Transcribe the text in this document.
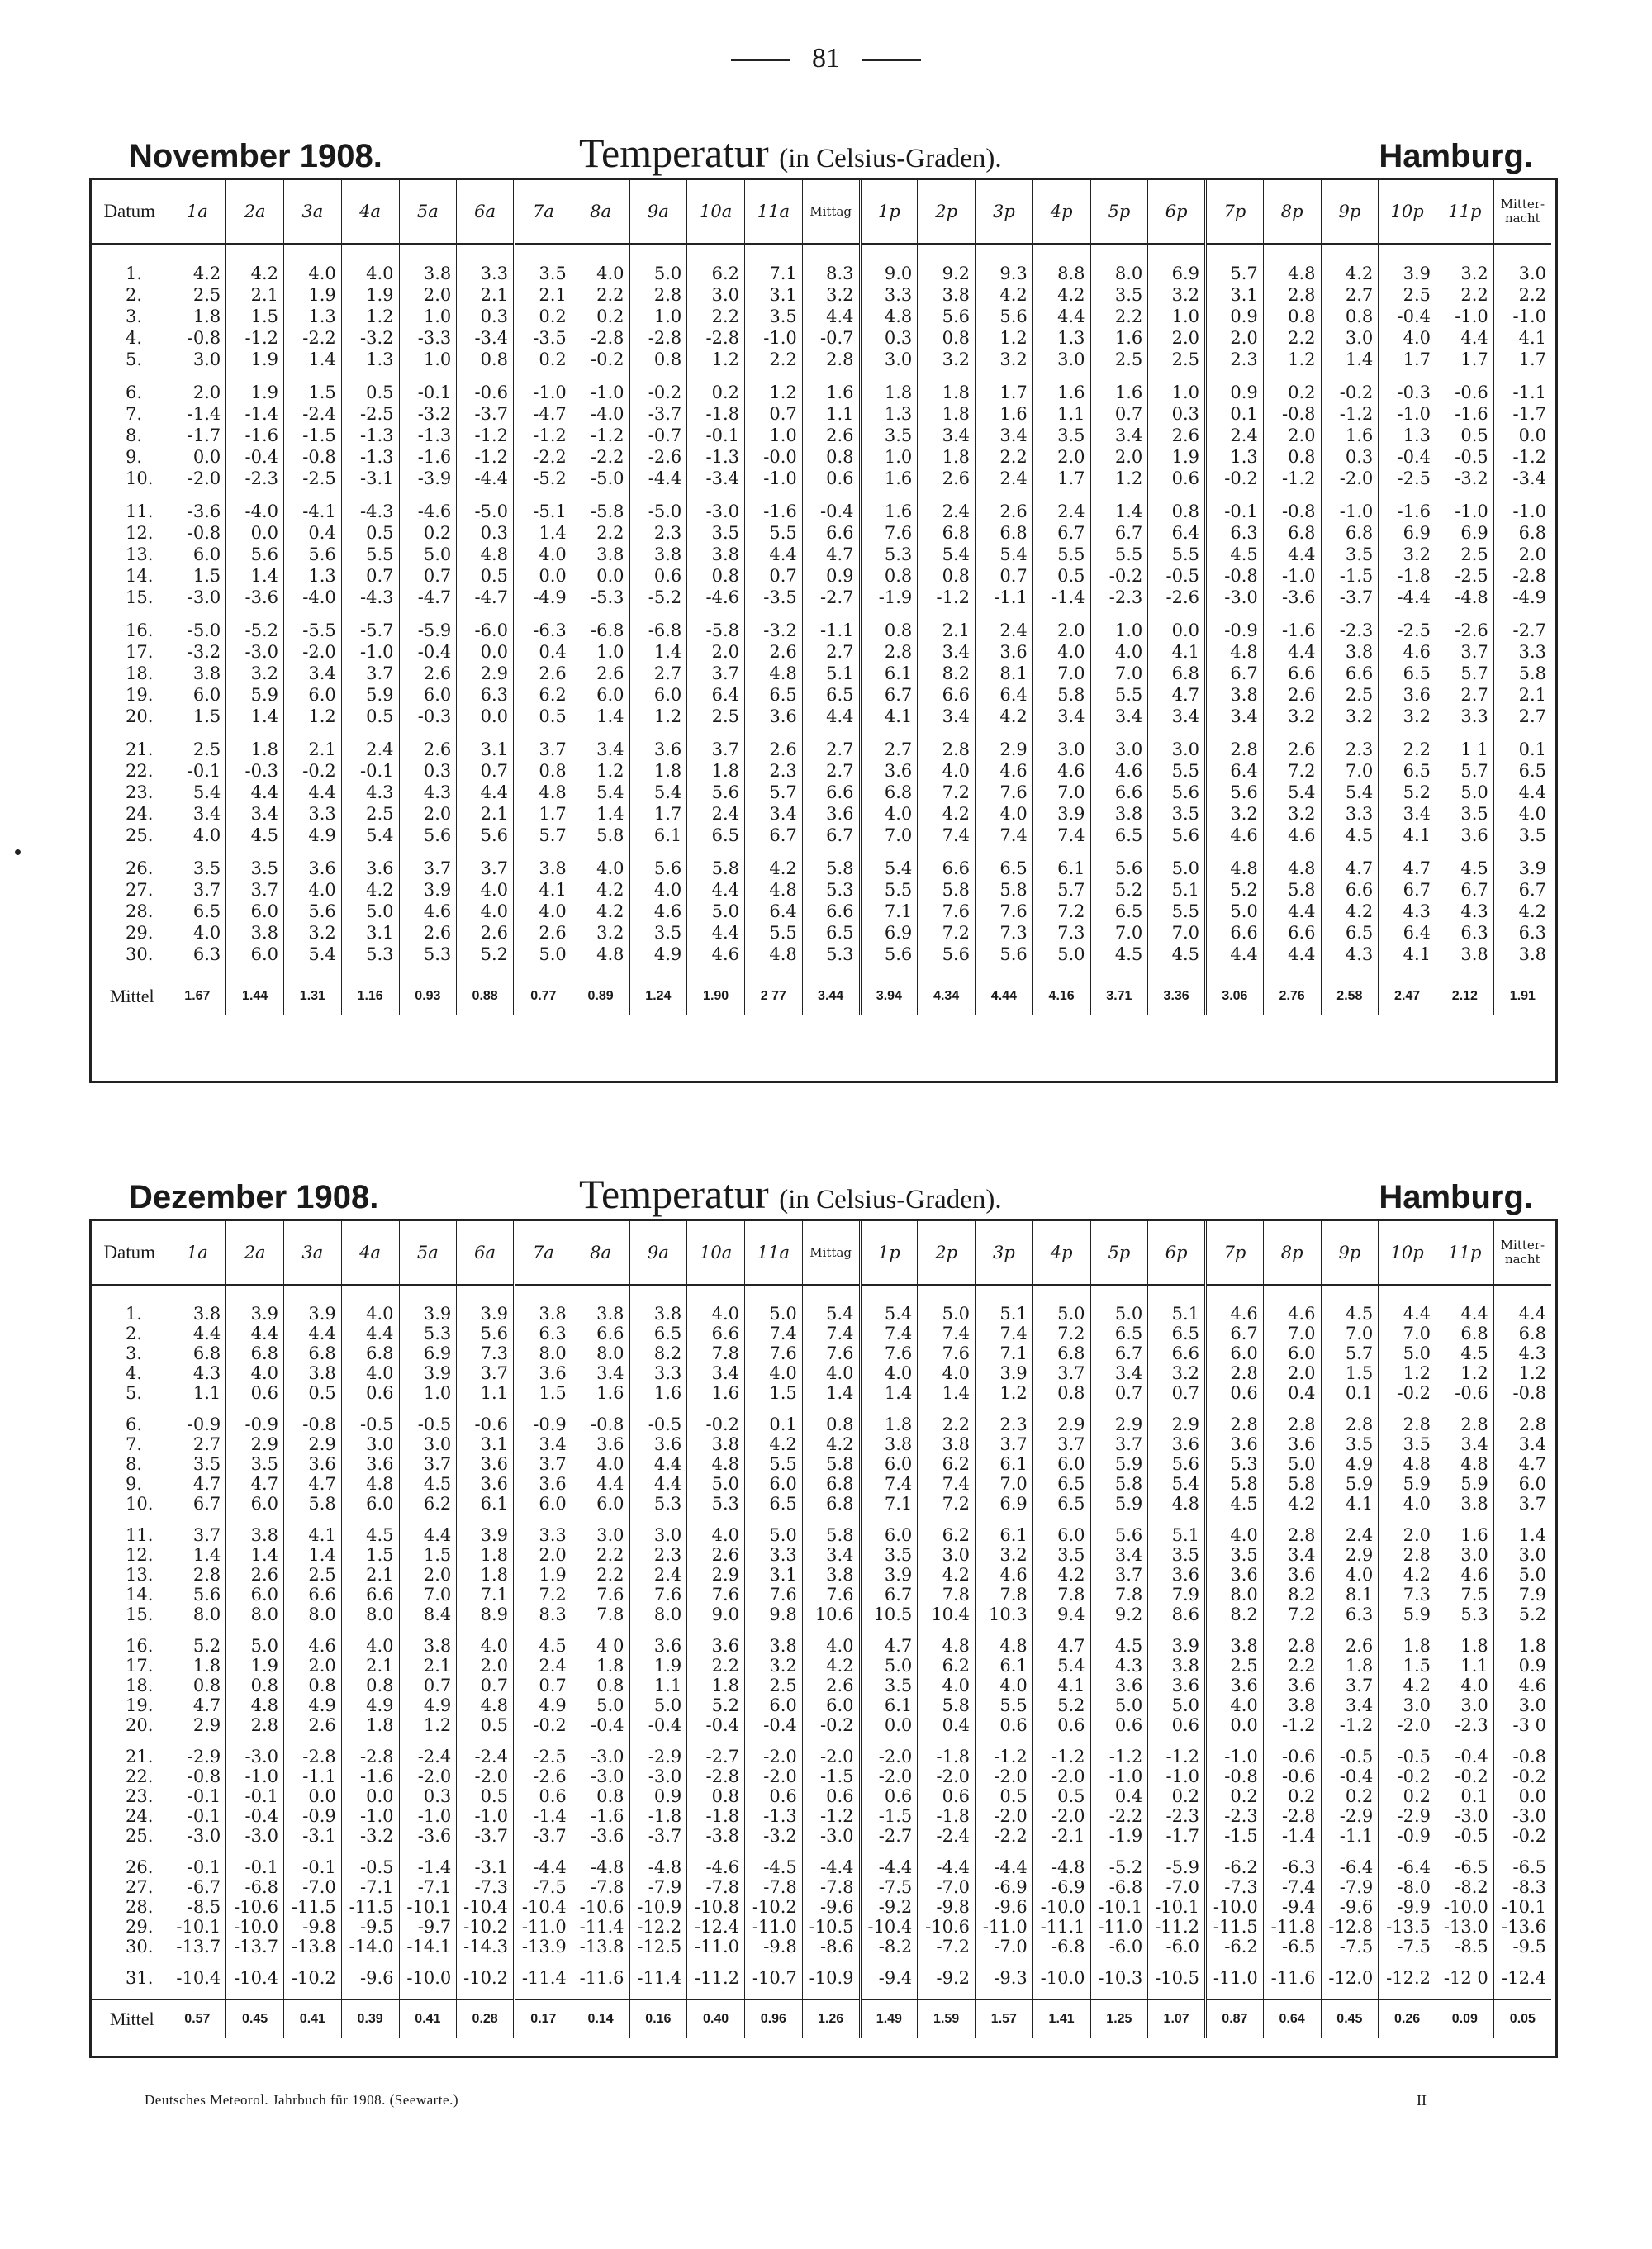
81
November 1908.	Temperatur (in Celsius-Graden).	Hamburg.
Datum	1a	2a	3a	4a	5a	6a	7a	8a	9a	10a	11a	Mittag	1p	2p	3p	4p	5p	6p	7p	8p	9p	10p	11p	Mitter- nacht

1.	4.2	4.2	4.0	4.0	3.8	3.3	3.5	4.0	5.0	6.2	7.1	8.3	9.0	9.2	9.3	8.8	8.0	6.9	5.7	4.8	4.2	3.9	3.2	3.0
2.	2.5	2.1	1.9	1.9	2.0	2.1	2.1	2.2	2.8	3.0	3.1	3.2	3.3	3.8	4.2	4.2	3.5	3.2	3.1	2.8	2.7	2.5	2.2	2.2
3.	1.8	1.5	1.3	1.2	1.0	0.3	0.2	0.2	1.0	2.2	3.5	4.4	4.8	5.6	5.6	4.4	2.2	1.0	0.9	0.8	0.8	-0.4	-1.0	-1.0
4.	-0.8	-1.2	-2.2	-3.2	-3.3	-3.4	-3.5	-2.8	-2.8	-2.8	-1.0	-0.7	0.3	0.8	1.2	1.3	1.6	2.0	2.0	2.2	3.0	4.0	4.4	4.1
5.	3.0	1.9	1.4	1.3	1.0	0.8	0.2	-0.2	0.8	1.2	2.2	2.8	3.0	3.2	3.2	3.0	2.5	2.5	2.3	1.2	1.4	1.7	1.7	1.7

6.	2.0	1.9	1.5	0.5	-0.1	-0.6	-1.0	-1.0	-0.2	0.2	1.2	1.6	1.8	1.8	1.7	1.6	1.6	1.0	0.9	0.2	-0.2	-0.3	-0.6	-1.1
7.	-1.4	-1.4	-2.4	-2.5	-3.2	-3.7	-4.7	-4.0	-3.7	-1.8	0.7	1.1	1.3	1.8	1.6	1.1	0.7	0.3	0.1	-0.8	-1.2	-1.0	-1.6	-1.7
8.	-1.7	-1.6	-1.5	-1.3	-1.3	-1.2	-1.2	-1.2	-0.7	-0.1	1.0	2.6	3.5	3.4	3.4	3.5	3.4	2.6	2.4	2.0	1.6	1.3	0.5	0.0
9.	0.0	-0.4	-0.8	-1.3	-1.6	-1.2	-2.2	-2.2	-2.6	-1.3	-0.0	0.8	1.0	1.8	2.2	2.0	2.0	1.9	1.3	0.8	0.3	-0.4	-0.5	-1.2
10.	-2.0	-2.3	-2.5	-3.1	-3.9	-4.4	-5.2	-5.0	-4.4	-3.4	-1.0	0.6	1.6	2.6	2.4	1.7	1.2	0.6	-0.2	-1.2	-2.0	-2.5	-3.2	-3.4

11.	-3.6	-4.0	-4.1	-4.3	-4.6	-5.0	-5.1	-5.8	-5.0	-3.0	-1.6	-0.4	1.6	2.4	2.6	2.4	1.4	0.8	-0.1	-0.8	-1.0	-1.6	-1.0	-1.0
12.	-0.8	0.0	0.4	0.5	0.2	0.3	1.4	2.2	2.3	3.5	5.5	6.6	7.6	6.8	6.8	6.7	6.7	6.4	6.3	6.8	6.8	6.9	6.9	6.8
13.	6.0	5.6	5.6	5.5	5.0	4.8	4.0	3.8	3.8	3.8	4.4	4.7	5.3	5.4	5.4	5.5	5.5	5.5	4.5	4.4	3.5	3.2	2.5	2.0
14.	1.5	1.4	1.3	0.7	0.7	0.5	0.0	0.0	0.6	0.8	0.7	0.9	0.8	0.8	0.7	0.5	-0.2	-0.5	-0.8	-1.0	-1.5	-1.8	-2.5	-2.8
15.	-3.0	-3.6	-4.0	-4.3	-4.7	-4.7	-4.9	-5.3	-5.2	-4.6	-3.5	-2.7	-1.9	-1.2	-1.1	-1.4	-2.3	-2.6	-3.0	-3.6	-3.7	-4.4	-4.8	-4.9

16.	-5.0	-5.2	-5.5	-5.7	-5.9	-6.0	-6.3	-6.8	-6.8	-5.8	-3.2	-1.1	0.8	2.1	2.4	2.0	1.0	0.0	-0.9	-1.6	-2.3	-2.5	-2.6	-2.7
17.	-3.2	-3.0	-2.0	-1.0	-0.4	0.0	0.4	1.0	1.4	2.0	2.6	2.7	2.8	3.4	3.6	4.0	4.0	4.1	4.8	4.4	3.8	4.6	3.7	3.3
18.	3.8	3.2	3.4	3.7	2.6	2.9	2.6	2.6	2.7	3.7	4.8	5.1	6.1	8.2	8.1	7.0	7.0	6.8	6.7	6.6	6.6	6.5	5.7	5.8
19.	6.0	5.9	6.0	5.9	6.0	6.3	6.2	6.0	6.0	6.4	6.5	6.5	6.7	6.6	6.4	5.8	5.5	4.7	3.8	2.6	2.5	3.6	2.7	2.1
20.	1.5	1.4	1.2	0.5	-0.3	0.0	0.5	1.4	1.2	2.5	3.6	4.4	4.1	3.4	4.2	3.4	3.4	3.4	3.4	3.2	3.2	3.2	3.3	2.7

21.	2.5	1.8	2.1	2.4	2.6	3.1	3.7	3.4	3.6	3.7	2.6	2.7	2.7	2.8	2.9	3.0	3.0	3.0	2.8	2.6	2.3	2.2	1 1	0.1
22.	-0.1	-0.3	-0.2	-0.1	0.3	0.7	0.8	1.2	1.8	1.8	2.3	2.7	3.6	4.0	4.6	4.6	4.6	5.5	6.4	7.2	7.0	6.5	5.7	6.5
23.	5.4	4.4	4.4	4.3	4.3	4.4	4.8	5.4	5.4	5.6	5.7	6.6	6.8	7.2	7.6	7.0	6.6	5.6	5.6	5.4	5.4	5.2	5.0	4.4
24.	3.4	3.4	3.3	2.5	2.0	2.1	1.7	1.4	1.7	2.4	3.4	3.6	4.0	4.2	4.0	3.9	3.8	3.5	3.2	3.2	3.3	3.4	3.5	4.0
25.	4.0	4.5	4.9	5.4	5.6	5.6	5.7	5.8	6.1	6.5	6.7	6.7	7.0	7.4	7.4	7.4	6.5	5.6	4.6	4.6	4.5	4.1	3.6	3.5

26.	3.5	3.5	3.6	3.6	3.7	3.7	3.8	4.0	5.6	5.8	4.2	5.8	5.4	6.6	6.5	6.1	5.6	5.0	4.8	4.8	4.7	4.7	4.5	3.9
27.	3.7	3.7	4.0	4.2	3.9	4.0	4.1	4.2	4.0	4.4	4.8	5.3	5.5	5.8	5.8	5.7	5.2	5.1	5.2	5.8	6.6	6.7	6.7	6.7
28.	6.5	6.0	5.6	5.0	4.6	4.0	4.0	4.2	4.6	5.0	6.4	6.6	7.1	7.6	7.6	7.2	6.5	5.5	5.0	4.4	4.2	4.3	4.3	4.2
29.	4.0	3.8	3.2	3.1	2.6	2.6	2.6	3.2	3.5	4.4	5.5	6.5	6.9	7.2	7.3	7.3	7.0	7.0	6.6	6.6	6.5	6.4	6.3	6.3
30.	6.3	6.0	5.4	5.3	5.3	5.2	5.0	4.8	4.9	4.6	4.8	5.3	5.6	5.6	5.6	5.0	4.5	4.5	4.4	4.4	4.3	4.1	3.8	3.8

Mittel	1.67	1.44	1.31	1.16	0.93	0.88	0.77	0.89	1.24	1.90	2 77	3.44	3.94	4.34	4.44	4.16	3.71	3.36	3.06	2.76	2.58	2.47	2.12	1.91
Dezember 1908.	Temperatur (in Celsius-Graden).	Hamburg.
Datum	1a	2a	3a	4a	5a	6a	7a	8a	9a	10a	11a	Mittag	1p	2p	3p	4p	5p	6p	7p	8p	9p	10p	11p	Mitter- nacht

1.	3.8	3.9	3.9	4.0	3.9	3.9	3.8	3.8	3.8	4.0	5.0	5.4	5.4	5.0	5.1	5.0	5.0	5.1	4.6	4.6	4.5	4.4	4.4	4.4
2.	4.4	4.4	4.4	4.4	5.3	5.6	6.3	6.6	6.5	6.6	7.4	7.4	7.4	7.4	7.4	7.2	6.5	6.5	6.7	7.0	7.0	7.0	6.8	6.8
3.	6.8	6.8	6.8	6.8	6.9	7.3	8.0	8.0	8.2	7.8	7.6	7.6	7.6	7.6	7.1	6.8	6.7	6.6	6.0	6.0	5.7	5.0	4.5	4.3
4.	4.3	4.0	3.8	4.0	3.9	3.7	3.6	3.4	3.3	3.4	4.0	4.0	4.0	4.0	3.9	3.7	3.4	3.2	2.8	2.0	1.5	1.2	1.2	1.2
5.	1.1	0.6	0.5	0.6	1.0	1.1	1.5	1.6	1.6	1.6	1.5	1.4	1.4	1.4	1.2	0.8	0.7	0.7	0.6	0.4	0.1	-0.2	-0.6	-0.8

6.	-0.9	-0.9	-0.8	-0.5	-0.5	-0.6	-0.9	-0.8	-0.5	-0.2	0.1	0.8	1.8	2.2	2.3	2.9	2.9	2.9	2.8	2.8	2.8	2.8	2.8	2.8
7.	2.7	2.9	2.9	3.0	3.0	3.1	3.4	3.6	3.6	3.8	4.2	4.2	3.8	3.8	3.7	3.7	3.7	3.6	3.6	3.6	3.5	3.5	3.4	3.4
8.	3.5	3.5	3.6	3.6	3.7	3.6	3.7	4.0	4.4	4.8	5.5	5.8	6.0	6.2	6.1	6.0	5.9	5.6	5.3	5.0	4.9	4.8	4.8	4.7
9.	4.7	4.7	4.7	4.8	4.5	3.6	3.6	4.4	4.4	5.0	6.0	6.8	7.4	7.4	7.0	6.5	5.8	5.4	5.8	5.8	5.9	5.9	5.9	6.0
10.	6.7	6.0	5.8	6.0	6.2	6.1	6.0	6.0	5.3	5.3	6.5	6.8	7.1	7.2	6.9	6.5	5.9	4.8	4.5	4.2	4.1	4.0	3.8	3.7

11.	3.7	3.8	4.1	4.5	4.4	3.9	3.3	3.0	3.0	4.0	5.0	5.8	6.0	6.2	6.1	6.0	5.6	5.1	4.0	2.8	2.4	2.0	1.6	1.4
12.	1.4	1.4	1.4	1.5	1.5	1.8	2.0	2.2	2.3	2.6	3.3	3.4	3.5	3.0	3.2	3.5	3.4	3.5	3.5	3.4	2.9	2.8	3.0	3.0
13.	2.8	2.6	2.5	2.1	2.0	1.8	1.9	2.2	2.4	2.9	3.1	3.8	3.9	4.2	4.6	4.2	3.7	3.6	3.6	3.6	4.0	4.2	4.6	5.0
14.	5.6	6.0	6.6	6.6	7.0	7.1	7.2	7.6	7.6	7.6	7.6	7.6	6.7	7.8	7.8	7.8	7.8	7.9	8.0	8.2	8.1	7.3	7.5	7.9
15.	8.0	8.0	8.0	8.0	8.4	8.9	8.3	7.8	8.0	9.0	9.8	10.6	10.5	10.4	10.3	9.4	9.2	8.6	8.2	7.2	6.3	5.9	5.3	5.2

16.	5.2	5.0	4.6	4.0	3.8	4.0	4.5	4 0	3.6	3.6	3.8	4.0	4.7	4.8	4.8	4.7	4.5	3.9	3.8	2.8	2.6	1.8	1.8	1.8
17.	1.8	1.9	2.0	2.1	2.1	2.0	2.4	1.8	1.9	2.2	3.2	4.2	5.0	6.2	6.1	5.4	4.3	3.8	2.5	2.2	1.8	1.5	1.1	0.9
18.	0.8	0.8	0.8	0.8	0.7	0.7	0.7	0.8	1.1	1.8	2.5	2.6	3.5	4.0	4.0	4.1	3.6	3.6	3.6	3.6	3.7	4.2	4.0	4.6
19.	4.7	4.8	4.9	4.9	4.9	4.8	4.9	5.0	5.0	5.2	6.0	6.0	6.1	5.8	5.5	5.2	5.0	5.0	4.0	3.8	3.4	3.0	3.0	3.0
20.	2.9	2.8	2.6	1.8	1.2	0.5	-0.2	-0.4	-0.4	-0.4	-0.4	-0.2	0.0	0.4	0.6	0.6	0.6	0.6	0.0	-1.2	-1.2	-2.0	-2.3	-3 0

21.	-2.9	-3.0	-2.8	-2.8	-2.4	-2.4	-2.5	-3.0	-2.9	-2.7	-2.0	-2.0	-2.0	-1.8	-1.2	-1.2	-1.2	-1.2	-1.0	-0.6	-0.5	-0.5	-0.4	-0.8
22.	-0.8	-1.0	-1.1	-1.6	-2.0	-2.0	-2.6	-3.0	-3.0	-2.8	-2.0	-1.5	-2.0	-2.0	-2.0	-2.0	-1.0	-1.0	-0.8	-0.6	-0.4	-0.2	-0.2	-0.2
23.	-0.1	-0.1	0.0	0.0	0.3	0.5	0.6	0.8	0.9	0.8	0.6	0.6	0.6	0.6	0.5	0.5	0.4	0.2	0.2	0.2	0.2	0.2	0.1	0.0
24.	-0.1	-0.4	-0.9	-1.0	-1.0	-1.0	-1.4	-1.6	-1.8	-1.8	-1.3	-1.2	-1.5	-1.8	-2.0	-2.0	-2.2	-2.3	-2.3	-2.8	-2.9	-2.9	-3.0	-3.0
25.	-3.0	-3.0	-3.1	-3.2	-3.6	-3.7	-3.7	-3.6	-3.7	-3.8	-3.2	-3.0	-2.7	-2.4	-2.2	-2.1	-1.9	-1.7	-1.5	-1.4	-1.1	-0.9	-0.5	-0.2

26.	-0.1	-0.1	-0.1	-0.5	-1.4	-3.1	-4.4	-4.8	-4.8	-4.6	-4.5	-4.4	-4.4	-4.4	-4.4	-4.8	-5.2	-5.9	-6.2	-6.3	-6.4	-6.4	-6.5	-6.5
27.	-6.7	-6.8	-7.0	-7.1	-7.1	-7.3	-7.5	-7.8	-7.9	-7.8	-7.8	-7.8	-7.5	-7.0	-6.9	-6.9	-6.8	-7.0	-7.3	-7.4	-7.9	-8.0	-8.2	-8.3
28.	-8.5	-10.6	-11.5	-11.5	-10.1	-10.4	-10.4	-10.6	-10.9	-10.8	-10.2	-9.6	-9.2	-9.8	-9.6	-10.0	-10.1	-10.1	-10.0	-9.4	-9.6	-9.9	-10.0	-10.1
29.	-10.1	-10.0	-9.8	-9.5	-9.7	-10.2	-11.0	-11.4	-12.2	-12.4	-11.0	-10.5	-10.4	-10.6	-11.0	-11.1	-11.0	-11.2	-11.5	-11.8	-12.8	-13.5	-13.0	-13.6
30.	-13.7	-13.7	-13.8	-14.0	-14.1	-14.3	-13.9	-13.8	-12.5	-11.0	-9.8	-8.6	-8.2	-7.2	-7.0	-6.8	-6.0	-6.0	-6.2	-6.5	-7.5	-7.5	-8.5	-9.5

31.	-10.4	-10.4	-10.2	-9.6	-10.0	-10.2	-11.4	-11.6	-11.4	-11.2	-10.7	-10.9	-9.4	-9.2	-9.3	-10.0	-10.3	-10.5	-11.0	-11.6	-12.0	-12.2	-12 0	-12.4

Mittel	0.57	0.45	0.41	0.39	0.41	0.28	0.17	0.14	0.16	0.40	0.96	1.26	1.49	1.59	1.57	1.41	1.25	1.07	0.87	0.64	0.45	0.26	0.09	0.05
Deutsches Meteorol. Jahrbuch für 1908. (Seewarte.)	II
